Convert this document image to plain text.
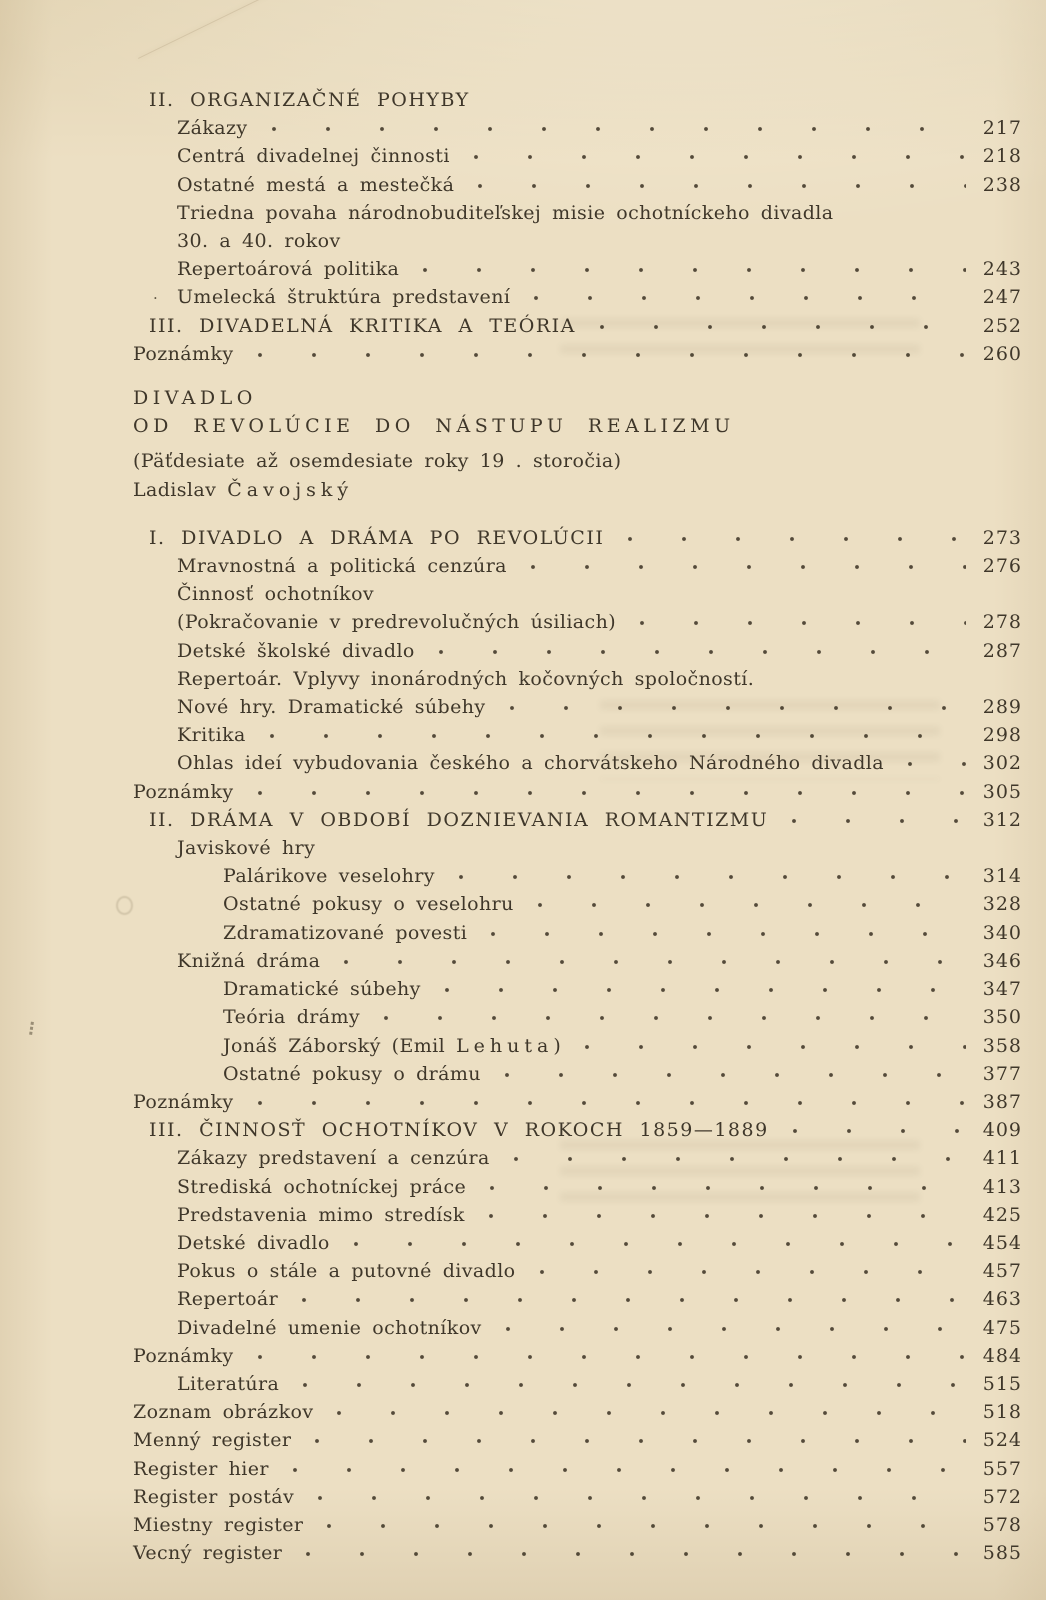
II. ORGANIZAČNÉ POHYBY
Zákazy	217
Centrá divadelnej činnosti	218
Ostatné mestá a mestečká	238
Triedna povaha národnobuditeľskej misie ochotníckeho divadla
30. a 40. rokov
Repertoárová politika	243
· Umelecká štruktúra predstavení	247
III. DIVADELNÁ KRITIKA A TEÓRIA	252
Poznámky	260
DIVADLO
OD REVOLÚCIE DO NÁSTUPU REALIZMU
(Päťdesiate až osemdesiate roky 19 . storočia)
Ladislav Čavojský
I. DIVADLO A DRÁMA PO REVOLÚCII	273
Mravnostná a politická cenzúra	276
Činnosť ochotníkov
(Pokračovanie v predrevolučných úsiliach)	278
Detské školské divadlo	287
Repertoár. Vplyvy inonárodných kočovných spoločností.
Nové hry. Dramatické súbehy	289
Kritika	298
Ohlas ideí vybudovania českého a chorvátskeho Národného divadla	302
Poznámky	305
II. DRÁMA V OBDOBÍ DOZNIEVANIA ROMANTIZMU	312
Javiskové hry
Palárikove veselohry	314
Ostatné pokusy o veselohru	328
Zdramatizované povesti	340
Knižná dráma	346
Dramatické súbehy	347
Teória drámy	350
Jonáš Záborský (Emil Lehuta)	358
Ostatné pokusy o drámu	377
Poznámky	387
III. ČINNOSŤ OCHOTNÍKOV V ROKOCH 1859—1889	409
Zákazy predstavení a cenzúra	411
Strediská ochotníckej práce	413
Predstavenia mimo stredísk	425
Detské divadlo	454
Pokus o stále a putovné divadlo	457
Repertoár	463
Divadelné umenie ochotníkov	475
Poznámky	484
Literatúra	515
Zoznam obrázkov	518
Menný register	524
Register hier	557
Register postáv	572
Miestny register	578
Vecný register	585
